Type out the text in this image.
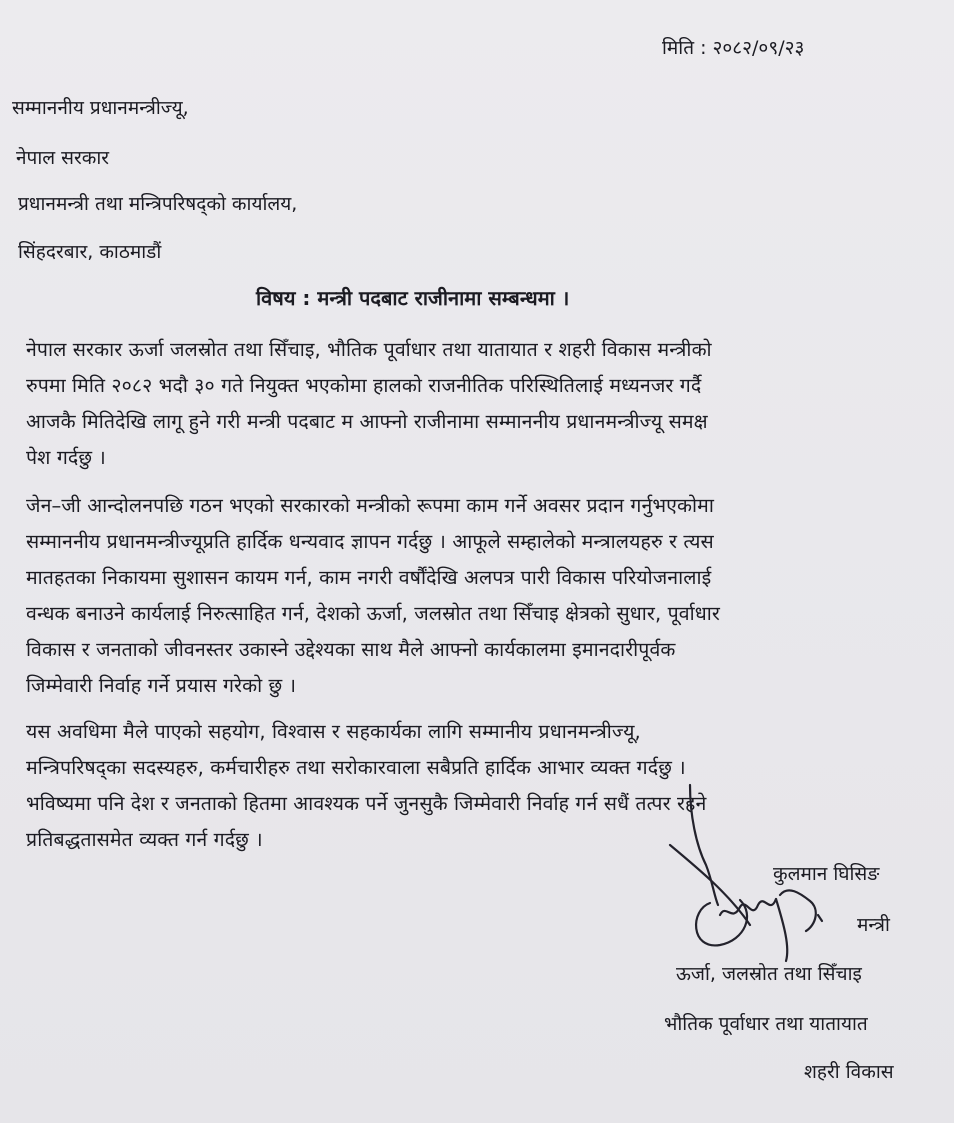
मिति : २०८२/०९/२३
सम्माननीय प्रधानमन्त्रीज्यू,
नेपाल सरकार
प्रधानमन्त्री तथा मन्त्रिपरिषद्को कार्यालय,
सिंहदरबार, काठमाडौं
विषय : मन्त्री पदबाट राजीनामा सम्बन्धमा ।
नेपाल सरकार ऊर्जा जलस्रोत तथा सिँचाइ, भौतिक पूर्वाधार तथा यातायात र शहरी विकास मन्त्रीको
रुपमा मिति २०८२ भदौ ३० गते नियुक्त भएकोमा हालको राजनीतिक परिस्थितिलाई मध्यनजर गर्दै
आजकै मितिदेखि लागू हुने गरी मन्त्री पदबाट म आफ्नो राजीनामा सम्माननीय प्रधानमन्त्रीज्यू समक्ष
पेश गर्दछु ।
जेन–जी आन्दोलनपछि गठन भएको सरकारको मन्त्रीको रूपमा काम गर्ने अवसर प्रदान गर्नुभएकोमा
सम्माननीय प्रधानमन्त्रीज्यूप्रति हार्दिक धन्यवाद ज्ञापन गर्दछु । आफूले सम्हालेको मन्त्रालयहरु र त्यस
मातहतका निकायमा सुशासन कायम गर्न, काम नगरी वर्षौंदेखि अलपत्र पारी विकास परियोजनालाई
वन्धक बनाउने कार्यलाई निरुत्साहित गर्न, देशको ऊर्जा, जलस्रोत तथा सिँचाइ क्षेत्रको सुधार, पूर्वाधार
विकास र जनताको जीवनस्तर उकास्ने उद्देश्यका साथ मैले आफ्नो कार्यकालमा इमानदारीपूर्वक
जिम्मेवारी निर्वाह गर्ने प्रयास गरेको छु ।
यस अवधिमा मैले पाएको सहयोग, विश्वास र सहकार्यका लागि सम्मानीय प्रधानमन्त्रीज्यू,
मन्त्रिपरिषद्का सदस्यहरु, कर्मचारीहरु तथा सरोकारवाला सबैप्रति हार्दिक आभार व्यक्त गर्दछु ।
भविष्यमा पनि देश र जनताको हितमा आवश्यक पर्ने जुनसुकै जिम्मेवारी निर्वाह गर्न सधैं तत्पर रहने
प्रतिबद्धतासमेत व्यक्त गर्न गर्दछु ।
कुलमान घिसिङ
मन्त्री
ऊर्जा, जलस्रोत तथा सिँचाइ
भौतिक पूर्वाधार तथा यातायात
शहरी विकास
